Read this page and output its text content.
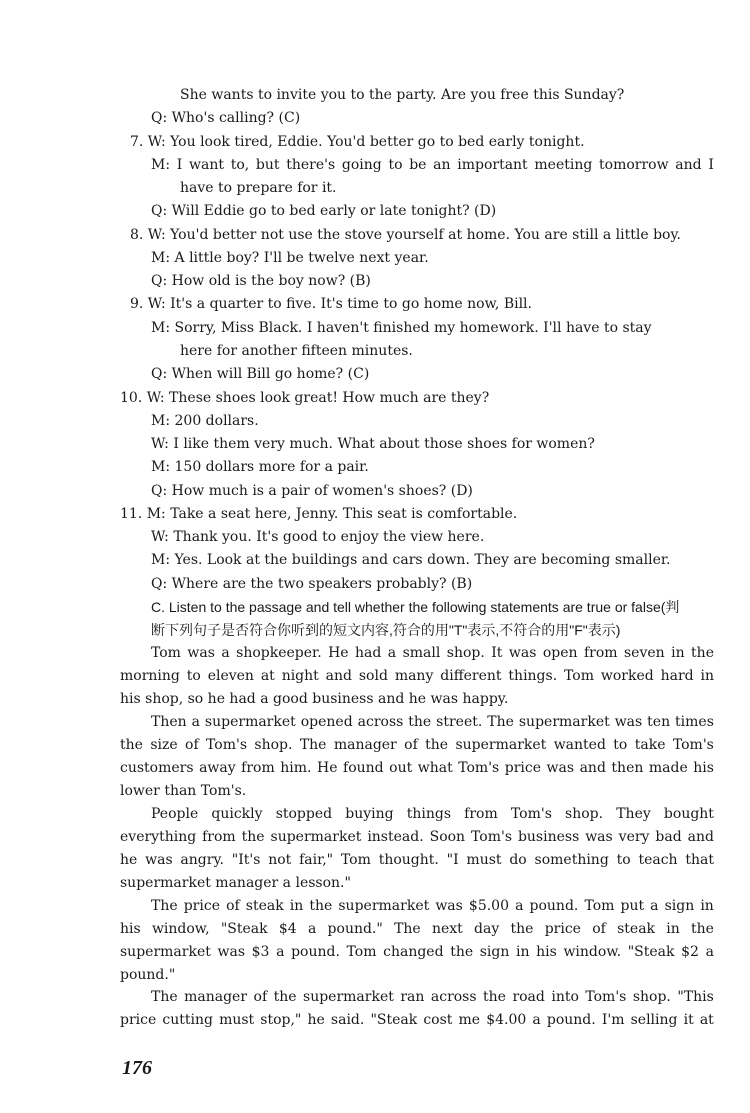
She wants to invite you to the party. Are you free this Sunday?
Q: Who's calling? (C)
7. W: You look tired, Eddie. You'd better go to bed early tonight.
M: I want to, but there's going to be an important meeting tomorrow and I
have to prepare for it.
Q: Will Eddie go to bed early or late tonight? (D)
8. W: You'd better not use the stove yourself at home. You are still a little boy.
M: A little boy? I'll be twelve next year.
Q: How old is the boy now? (B)
9. W: It's a quarter to five. It's time to go home now, Bill.
M: Sorry, Miss Black. I haven't finished my homework. I'll have to stay
here for another fifteen minutes.
Q: When will Bill go home? (C)
10. W: These shoes look great! How much are they?
M: 200 dollars.
W: I like them very much. What about those shoes for women?
M: 150 dollars more for a pair.
Q: How much is a pair of women's shoes? (D)
11. M: Take a seat here, Jenny. This seat is comfortable.
W: Thank you. It's good to enjoy the view here.
M: Yes. Look at the buildings and cars down. They are becoming smaller.
Q: Where are the two speakers probably? (B)
C. Listen to the passage and tell whether the following statements are true or false(判
断下列句子是否符合你听到的短文内容,符合的用"T"表示,不符合的用"F"表示)
Tom was a shopkeeper. He had a small shop. It was open from seven in the
morning to eleven at night and sold many different things. Tom worked hard in
his shop, so he had a good business and he was happy.
Then a supermarket opened across the street. The supermarket was ten times
the size of Tom's shop. The manager of the supermarket wanted to take Tom's
customers away from him. He found out what Tom's price was and then made his
lower than Tom's.
People quickly stopped buying things from Tom's shop. They bought
everything from the supermarket instead. Soon Tom's business was very bad and
he was angry. "It's not fair," Tom thought. "I must do something to teach that
supermarket manager a lesson."
The price of steak in the supermarket was $5.00 a pound. Tom put a sign in
his window, "Steak $4 a pound." The next day the price of steak in the
supermarket was $3 a pound. Tom changed the sign in his window. "Steak $2 a
pound."
The manager of the supermarket ran across the road into Tom's shop. "This
price cutting must stop," he said. "Steak cost me $4.00 a pound. I'm selling it at
176
